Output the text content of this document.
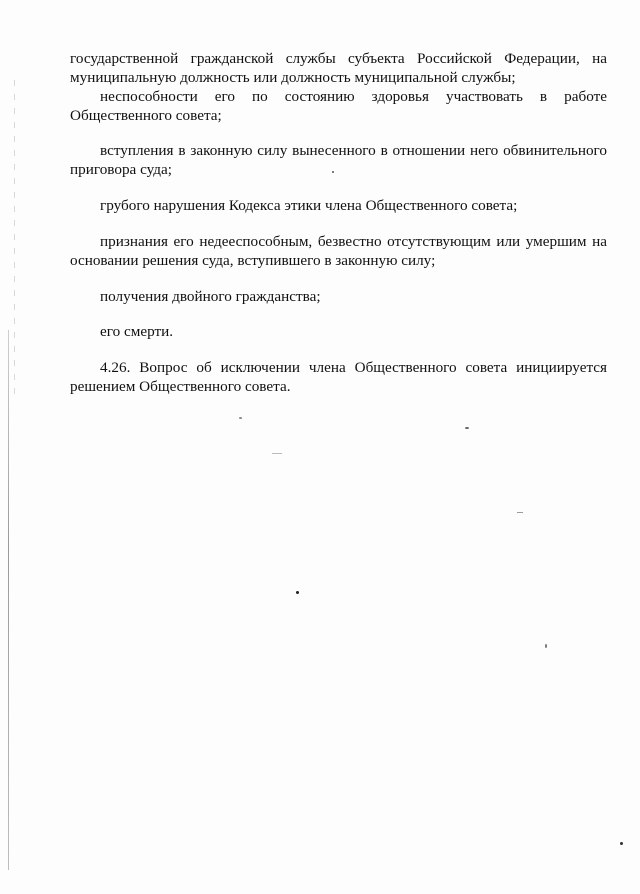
государственной гражданской службы субъекта Российской Федерации, на муниципальную должность или должность муниципальной службы;

неспособности его по состоянию здоровья участвовать в работе Общественного совета;

вступления в законную силу вынесенного в отношении него обвинительного приговора суда;

грубого нарушения Кодекса этики члена Общественного совета;

признания его недееспособным, безвестно отсутствующим или умершим на основании решения суда, вступившего в законную силу;

получения двойного гражданства;

его смерти.

4.26. Вопрос об исключении члена Общественного совета инициируется решением Общественного совета.
